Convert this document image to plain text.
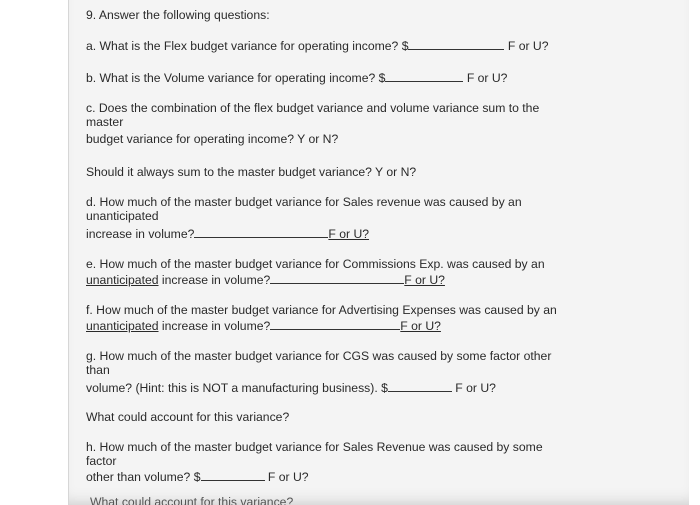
9. Answer the following questions:
a. What is the Flex budget variance for operating income? $	F or U?
b. What is the Volume variance for operating income? $	F or U?
c. Does the combination of the flex budget variance and volume variance sum to the
master
budget variance for operating income? Y or N?
Should it always sum to the master budget variance? Y or N?
d. How much of the master budget variance for Sales revenue was caused by an
unanticipated
increase in volume?	F or U?
e. How much of the master budget variance for Commissions Exp. was caused by an
unanticipated increase in volume?	F or U?
f. How much of the master budget variance for Advertising Expenses was caused by an
unanticipated increase in volume?	F or U?
g. How much of the master budget variance for CGS was caused by some factor other
than
volume? (Hint: this is NOT a manufacturing business). $	F or U?
What could account for this variance?
h. How much of the master budget variance for Sales Revenue was caused by some
factor
other than volume? $	F or U?
What could account for this variance?
